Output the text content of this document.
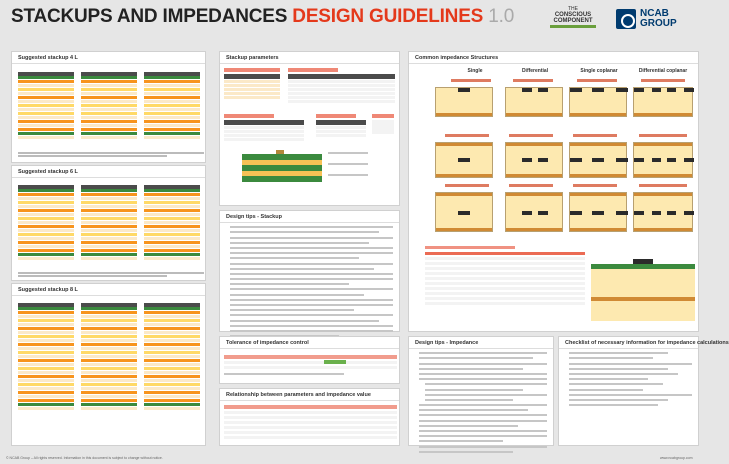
STACKUPS AND IMPEDANCES DESIGN GUIDELINES 1.0	THE
CONSCIOUS
COMPONENT
NCAB
GROUP
Suggested stackup 4 L
Suggested stackup 6 L
Suggested stackup 8 L
Stackup parameters
Design tips - Stackup
Tolerance of impedance control
Relationship between parameters and impedance value
Common impedance Structures
Single	Differential	Single coplanar	Differential coplanar
Design tips - Impedance	Checklist of necessary information for impedance calculations
© NCAB Group – All rights reserved. Information in this document is subject to change without notice.	www.ncabgroup.com
